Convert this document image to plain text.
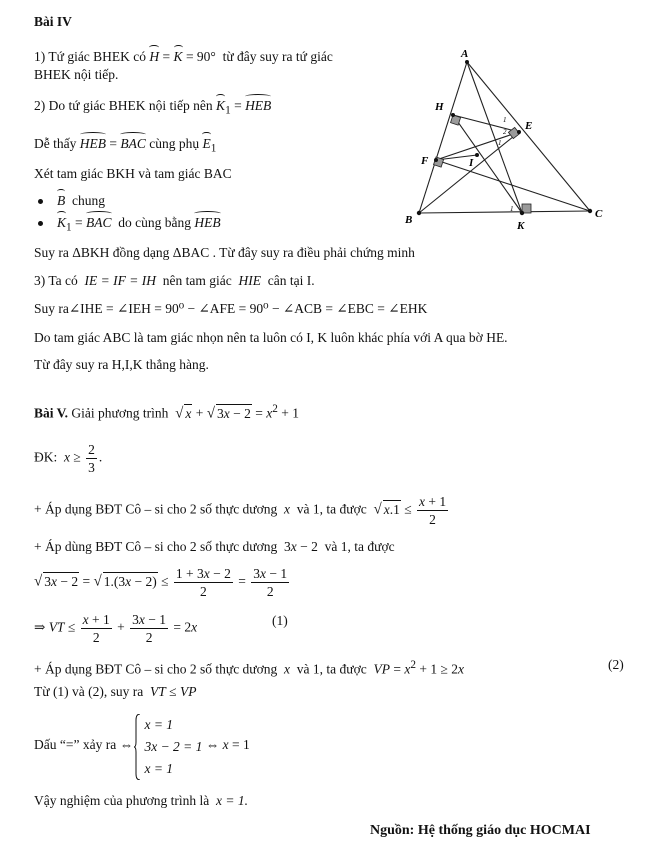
Bài IV
1) Tứ giác BHEK có H = K = 90° từ đây suy ra tứ giác
BHEK nội tiếp.
2) Do tứ giác BHEK nội tiếp nên $K_1$ = HEB
Dễ thấy HEB = BAC cùng phụ $E_1$
Xét tam giác BKH và tam giác BAC
B chung
$K_1$ = BAC do cùng bằng HEB
Suy ra ΔBKH đồng dạng ΔBAC . Từ đây suy ra điều phải chứng minh
3) Ta có IE = IF = IH nên tam giác HIE cân tại I.
Suy ra∠IHE = ∠IEH = 90⁰ − ∠AFE = 90⁰ − ∠ACB = ∠EBC = ∠EHK
Do tam giác ABC là tam giác nhọn nên ta luôn có I, K luôn khác phía với A qua bờ HE.
Từ đây suy ra H,I,K thẳng hàng.
A
H
E
F	I
B	K
C
1
2
1
1
Bài V. Giải phương trình √ x + √ $3x - 2 = x^2 + 1$
ĐK: $x \ge \frac{2}{3}$ .
+ Áp dụng BĐT Cô – si cho 2 số thực dương x và 1, ta được √ $x.1 \le \frac{x + 1}{2}$
+ Áp dùng BĐT Cô – si cho 2 số thực dương  3x − 2  và 1, ta được
√ 3x − 2 = √ $1.(3x - 2) \le \frac{1 + 3x - 2}{2} = \frac{3x - 1}{2}$
⇒ VT ≤ $\frac{x + 1}{2} + \frac{3x - 1}{2} = 2x$	(1)
+ Áp dụng BĐT Cô – si cho 2 số thực dương x và 1, ta được VP = $x^2 + 1 \ge 2x$	(2)
Từ (1) và (2), suy ra VT ≤ VP
Dấu “=” xảy ra ⇔
x = 1
3x − 2 = 1
x = 1
⇔ x = 1
Vậy nghiệm của phương trình là x = 1.
Nguồn: Hệ thống giáo dục HOCMAI
